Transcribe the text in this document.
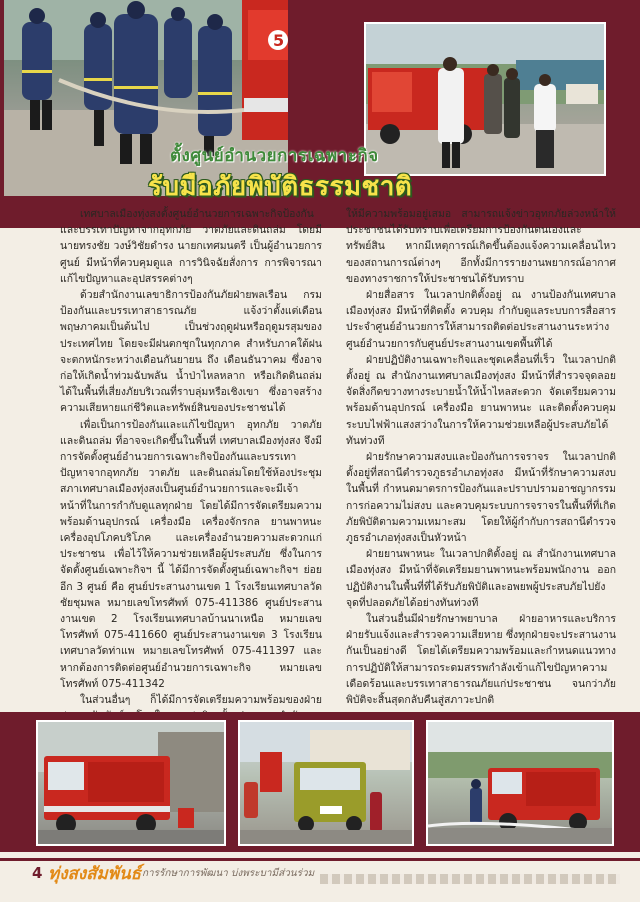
5
ตั้งศูนย์อำนวยการเฉพาะกิจ
รับมือภัยพิบัติธรรมชาติ

เทศบาลเมืองทุ่งสงตั้งศูนย์อำนวยการเฉพาะกิจป้องกันและบรรเทาปัญหาจากอุทกภัย วาตภัยและดินถล่ม โดยมีนายทรงชัย วงษ์วิชัยดำรง นายกเทศมนตรี เป็นผู้อำนวยการศูนย์ มีหน้าที่ควบคุมดูแล การวินิจฉัยสั่งการ การพิจารณาแก้ไขปัญหาและอุปสรรคต่างๆ

ด้วยสำนักงานเลขาธิการป้องกันภัยฝ่ายพลเรือน กรมป้องกันและบรรเทาสาธารณภัย แจ้งว่าตั้งแต่เดือนพฤษภาคมเป็นต้นไป เป็นช่วงฤดูฝนหรือฤดูมรสุมของประเทศไทย โดยจะมีฝนตกชุกในทุกภาค สำหรับภาคใต้ฝนจะตกหนักระหว่างเดือนกันยายน ถึง เดือนธันวาคม ซึ่งอาจก่อให้เกิดน้ำท่วมฉับพลัน น้ำป่าไหลหลาก หรือเกิดดินถล่มได้ในพื้นที่เสี่ยงภัยบริเวณที่ราบลุ่มหรือเชิงเขา ซึ่งอาจสร้างความเสียหายแก่ชีวิตและทรัพย์สินของประชาชนได้

เพื่อเป็นการป้องกันและแก้ไขปัญหา อุทกภัย วาตภัย และดินถล่ม ที่อาจจะเกิดขึ้นในพื้นที่ เทศบาลเมืองทุ่งสง จึงมีการจัดตั้งศูนย์อำนวยการเฉพาะกิจป้องกันและบรรเทาปัญหาจากอุทกภัย วาตภัย และดินถล่มโดยใช้ห้องประชุมสภาเทศบาลเมืองทุ่งสงเป็นศูนย์อำนวยการและจะมีเจ้าหน้าที่ในการกำกับดูแลทุกฝ่าย โดยได้มีการจัดเตรียมความพร้อมด้านอุปกรณ์ เครื่องมือ เครื่องจักรกล ยานพาหนะ เครื่องอุปโภคบริโภค และเครื่องอำนวยความสะดวกแก่ประชาชน เพื่อไว้ให้ความช่วยเหลือผู้ประสบภัย ซึ่งในการจัดตั้งศูนย์เฉพาะกิจฯ นี้ ได้มีการจัดตั้งศูนย์เฉพาะกิจฯ ย่อยอีก 3 ศูนย์ คือ ศูนย์ประสานงานเขต 1 โรงเรียนเทศบาลวัดชัยชุมพล หมายเลขโทรศัพท์ 075-411386 ศูนย์ประสานงานเขต 2 โรงเรียนเทศบาลบ้านนาเหนือ หมายเลขโทรศัพท์ 075-411660 ศูนย์ประสานงานเขต 3 โรงเรียนเทศบาลวัดท่าแพ หมายเลขโทรศัพท์ 075-411397 และหากต้องการติดต่อศูนย์อำนวยการเฉพาะกิจ หมายเลขโทรศัพท์ 075-411342

ในส่วนอื่นๆ ก็ได้มีการจัดเตรียมความพร้อมของฝ่าย

ให้มีความพร้อมอยู่เสมอ สามารถแจ้งข่าวอุทกภัยล่วงหน้าให้ประชาชนได้รับทราบเพื่อเตรียมการป้องกันตนเองและทรัพย์สิน หากมีเหตุการณ์เกิดขึ้นต้องแจ้งความเคลื่อนไหวของสถานการณ์ต่างๆ อีกทั้งมีการรายงานพยากรณ์อากาศของทางราชการให้ประชาชนได้รับทราบ

ฝ่ายสื่อสาร ในเวลาปกติตั้งอยู่ ณ งานป้องกันเทศบาลเมืองทุ่งสง มีหน้าที่ติดตั้ง ควบคุม กำกับดูแลระบบการสื่อสารประจำศูนย์อำนวยการให้สามารถติดต่อประสานงานระหว่างศูนย์อำนวยการกับศูนย์ประสานงานเขตพื้นที่ได้

ฝ่ายปฏิบัติงานเฉพาะกิจและชุดเคลื่อนที่เร็ว ในเวลาปกติตั้งอยู่ ณ สำนักงานเทศบาลเมืองทุ่งสง มีหน้าที่สำรวจจุดลอย จัดสิ่งกีดขวางทางระบายน้ำให้น้ำไหลสะดวก จัดเตรียมความพร้อมด้านอุปกรณ์ เครื่องมือ ยานพาหนะ และติดตั้งควบคุมระบบไฟฟ้าแสงสว่างในการให้ความช่วยเหลือผู้ประสบภัยได้ทันท่วงที

ฝ่ายรักษาความสงบและป้องกันการจราจร ในเวลาปกติตั้งอยู่ที่สถานีตำรวจภูธรอำเภอทุ่งสง มีหน้าที่รักษาความสงบในพื้นที่ กำหนดมาตรการป้องกันและปราบปรามอาชญากรรม การก่อความไม่สงบ และควบคุมระบบการจราจรในพื้นที่ที่เกิดภัยพิบัติตามความเหมาะสม โดยให้ผู้กำกับการสถานีตำรวจภูธรอำเภอทุ่งสงเป็นหัวหน้า

ฝ่ายยานพาหนะ ในเวลาปกติตั้งอยู่ ณ สำนักงานเทศบาลเมืองทุ่งสง มีหน้าที่จัดเตรียมยานพาหนะพร้อมพนักงาน ออกปฏิบัติงานในพื้นที่ที่ได้รับภัยพิบัติและอพยพผู้ประสบภัยไปยังจุดที่ปลอดภัยได้อย่างทันท่วงที

ในส่วนอื่นมีฝ่ายรักษาพยาบาล ฝ่ายอาหารและบริการ ฝ่ายรับแจ้งและสำรวจความเสียหาย ซึ่งทุกฝ่ายจะประสานงานกันเป็นอย่างดี โดยได้เตรียมความพร้อมและกำหนดแนวทางการปฏิบัติให้สามารถระดมสรรพกำลังเข้าแก้ไขปัญหาความเดือดร้อนและบรรเทาสาธารณภัยแก่ประชาชน จนกว่าภัยพิบัติจะสิ้นสุดกลับคืนสู่สภาวะปกติ

4 ทุ่งสงสัมพันธ์ การรักษาการพัฒนา บ่งพระบามีส่วนร่วม
